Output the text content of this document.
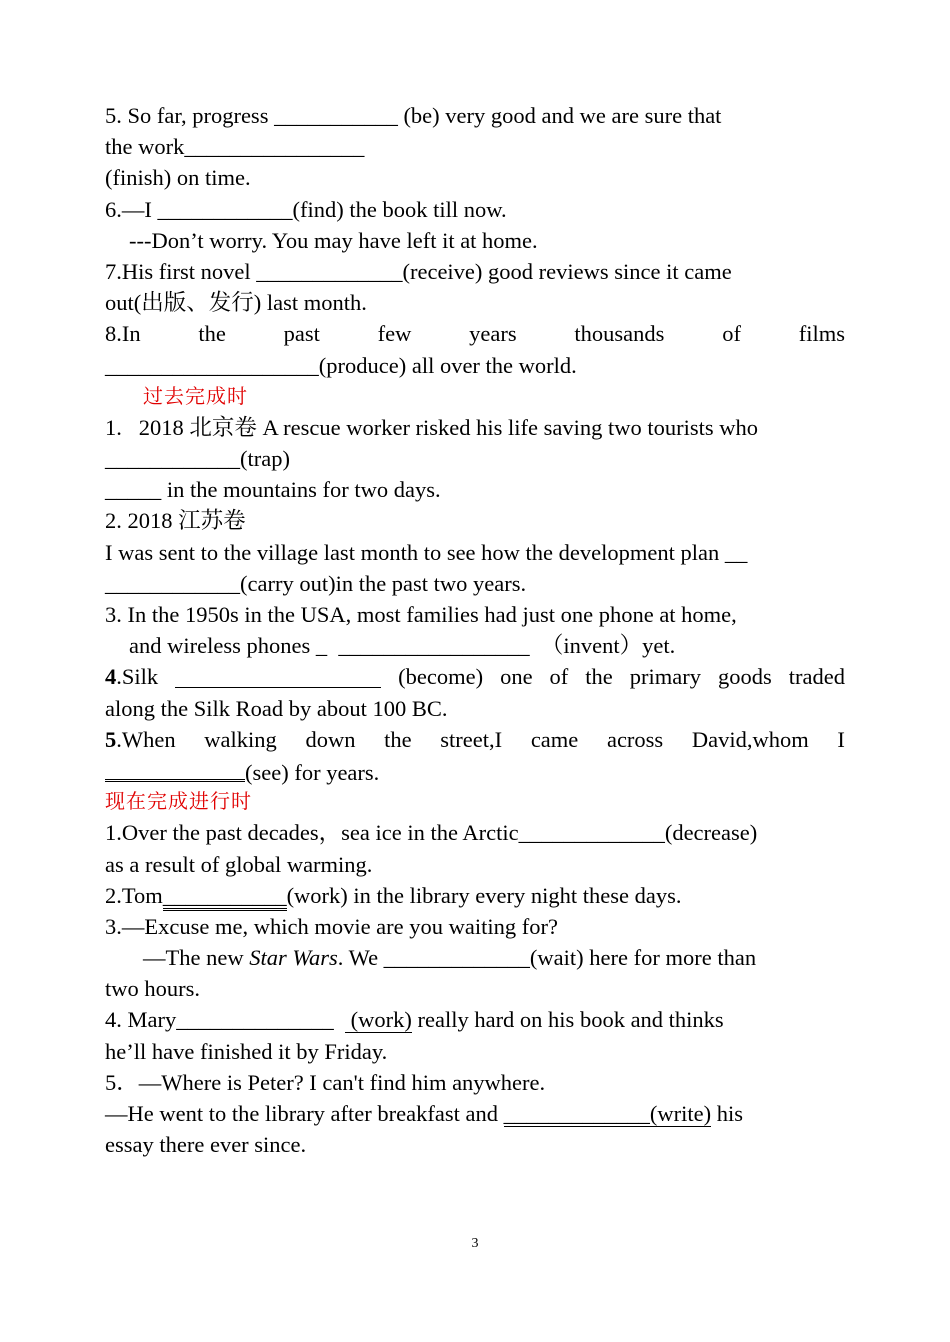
5. So far, progress ___________ (be) very good and we are sure that
the work________________
(finish) on time.
6.—I ____________(find) the book till now.
---Don’t worry. You may have left it at home.
7.His first novel _____________(receive) good reviews since it came
out(出版、发行) last month.
8.In	the	past	few	years	thousands	of	films
___________________(produce) all over the world.
过去完成时
1.   2018 北京卷 A rescue worker risked his life saving two tourists who
____________(trap)
_____ in the mountains for two days.
2. 2018 江苏卷
I was sent to the village last month to see how the development plan __
____________(carry out)in the past two years.
3. In the 1950s in the USA, most families had just one phone at home,
and wireless phones _  _________________  （invent）yet.
4.Silk	(become) one of the primary goods traded
along the Silk Road by about 100 BC.
5.When walking down the street,I came across David,whom I
(see) for years.
现在完成进行时
1.Over the past decades，sea ice in the Arctic_____________(decrease)
as a result of global warming.
2.Tom___________(work) in the library every night these days.
3.—Excuse me, which movie are you waiting for?
—The new Star Wars. We _____________(wait) here for more than
two hours.
4. Mary______________   (work) really hard on his book and thinks
he’ll have finished it by Friday.
5．—Where is Peter? I can't find him anywhere.
—He went to the library after breakfast and _____________(write) his
essay there ever since.
3
